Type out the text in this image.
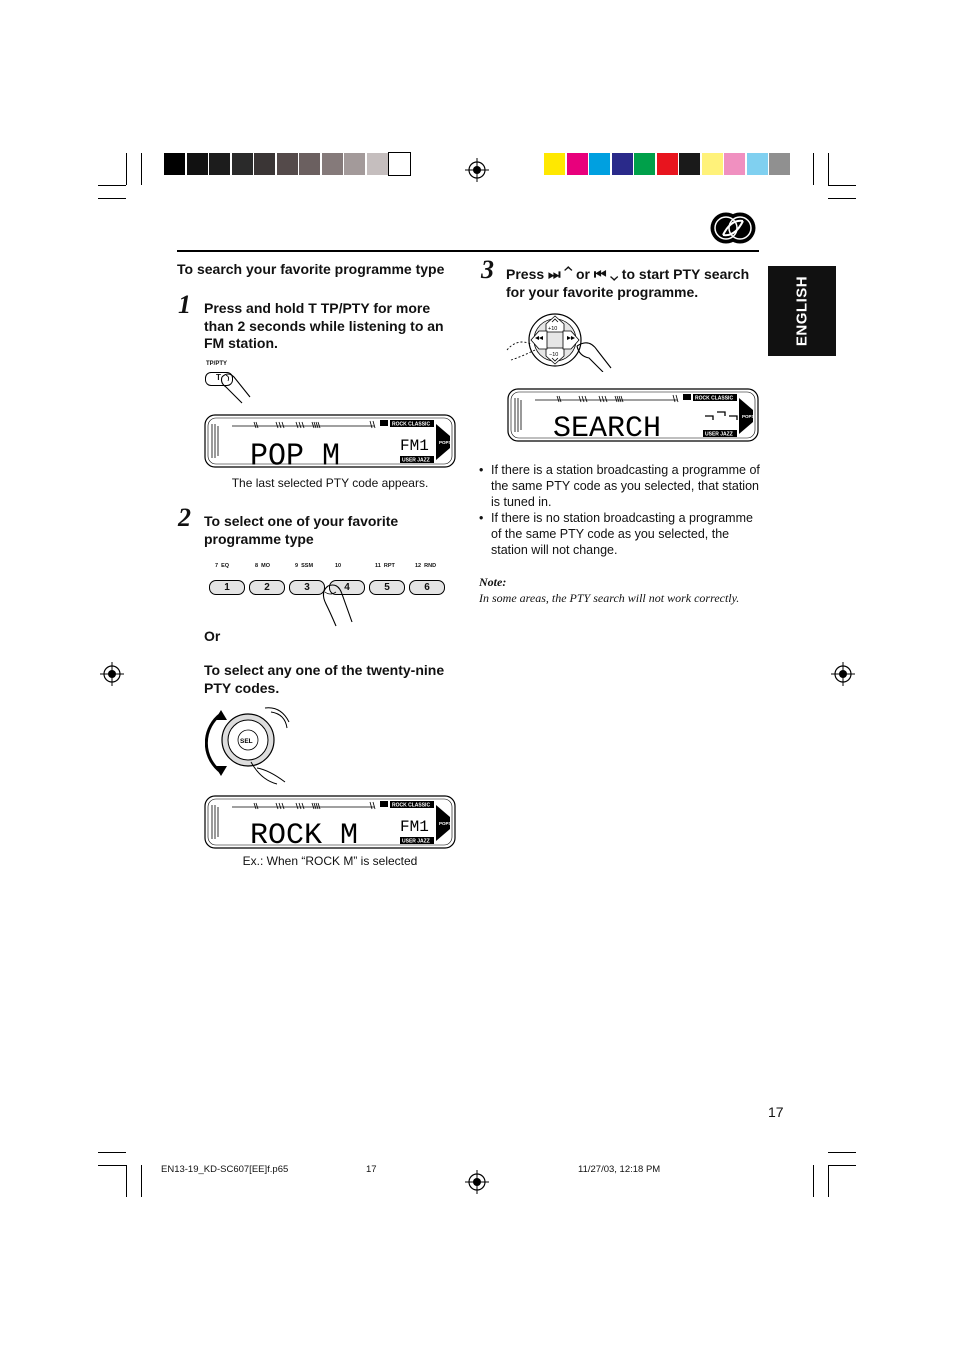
To search your favorite programme type
1 Press and hold T TP/PTY for more than 2 seconds while listening to an FM station.
TP/PTY
T
ROCK CLASSIC
USER JAZZ
POPS
POP M	FM1
The last selected PTY code appears.
2 To select one of your favorite programme type
7  EQ
1
8  MO
2
9  SSM
3
10
4
11  RPT
5
12  RND
6
Or
To select any one of the twenty-nine PTY codes.
SEL
ROCK CLASSIC
USER JAZZ
POPS
ROCK M	FM1
Ex.: When “ROCK M” is selected
3 Press ⏭ ⌃ or ⏮ ⌄ to start PTY search for your favorite programme.
+10
−10
ROCK CLASSIC
USER JAZZ
POPS
SEARCH
• If there is a station broadcasting a programme of the same PTY code as you selected, that station is tuned in.
• If there is no station broadcasting a programme of the same PTY code as you selected, the station will not change.
Note:
In some areas, the PTY search will not work correctly.
ENGLISH
17
EN13-19_KD-SC607[EE]f.p65	17	11/27/03, 12:18 PM
